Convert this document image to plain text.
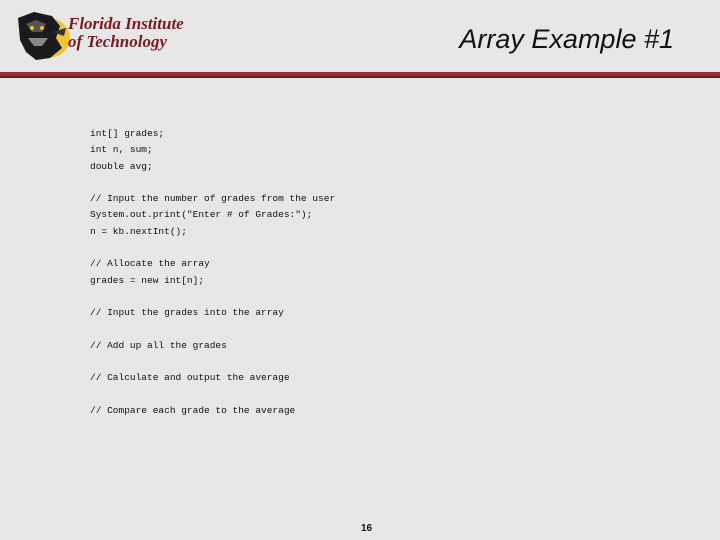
Florida Institute
of Technology	Array Example #1
int[] grades;
int n, sum;
double avg;
// Input the number of grades from the user
System.out.print("Enter # of Grades:");
n = kb.nextInt();
// Allocate the array
grades = new int[n];
// Input the grades into the array
// Add up all the grades
// Calculate and output the average
// Compare each grade to the average
16
